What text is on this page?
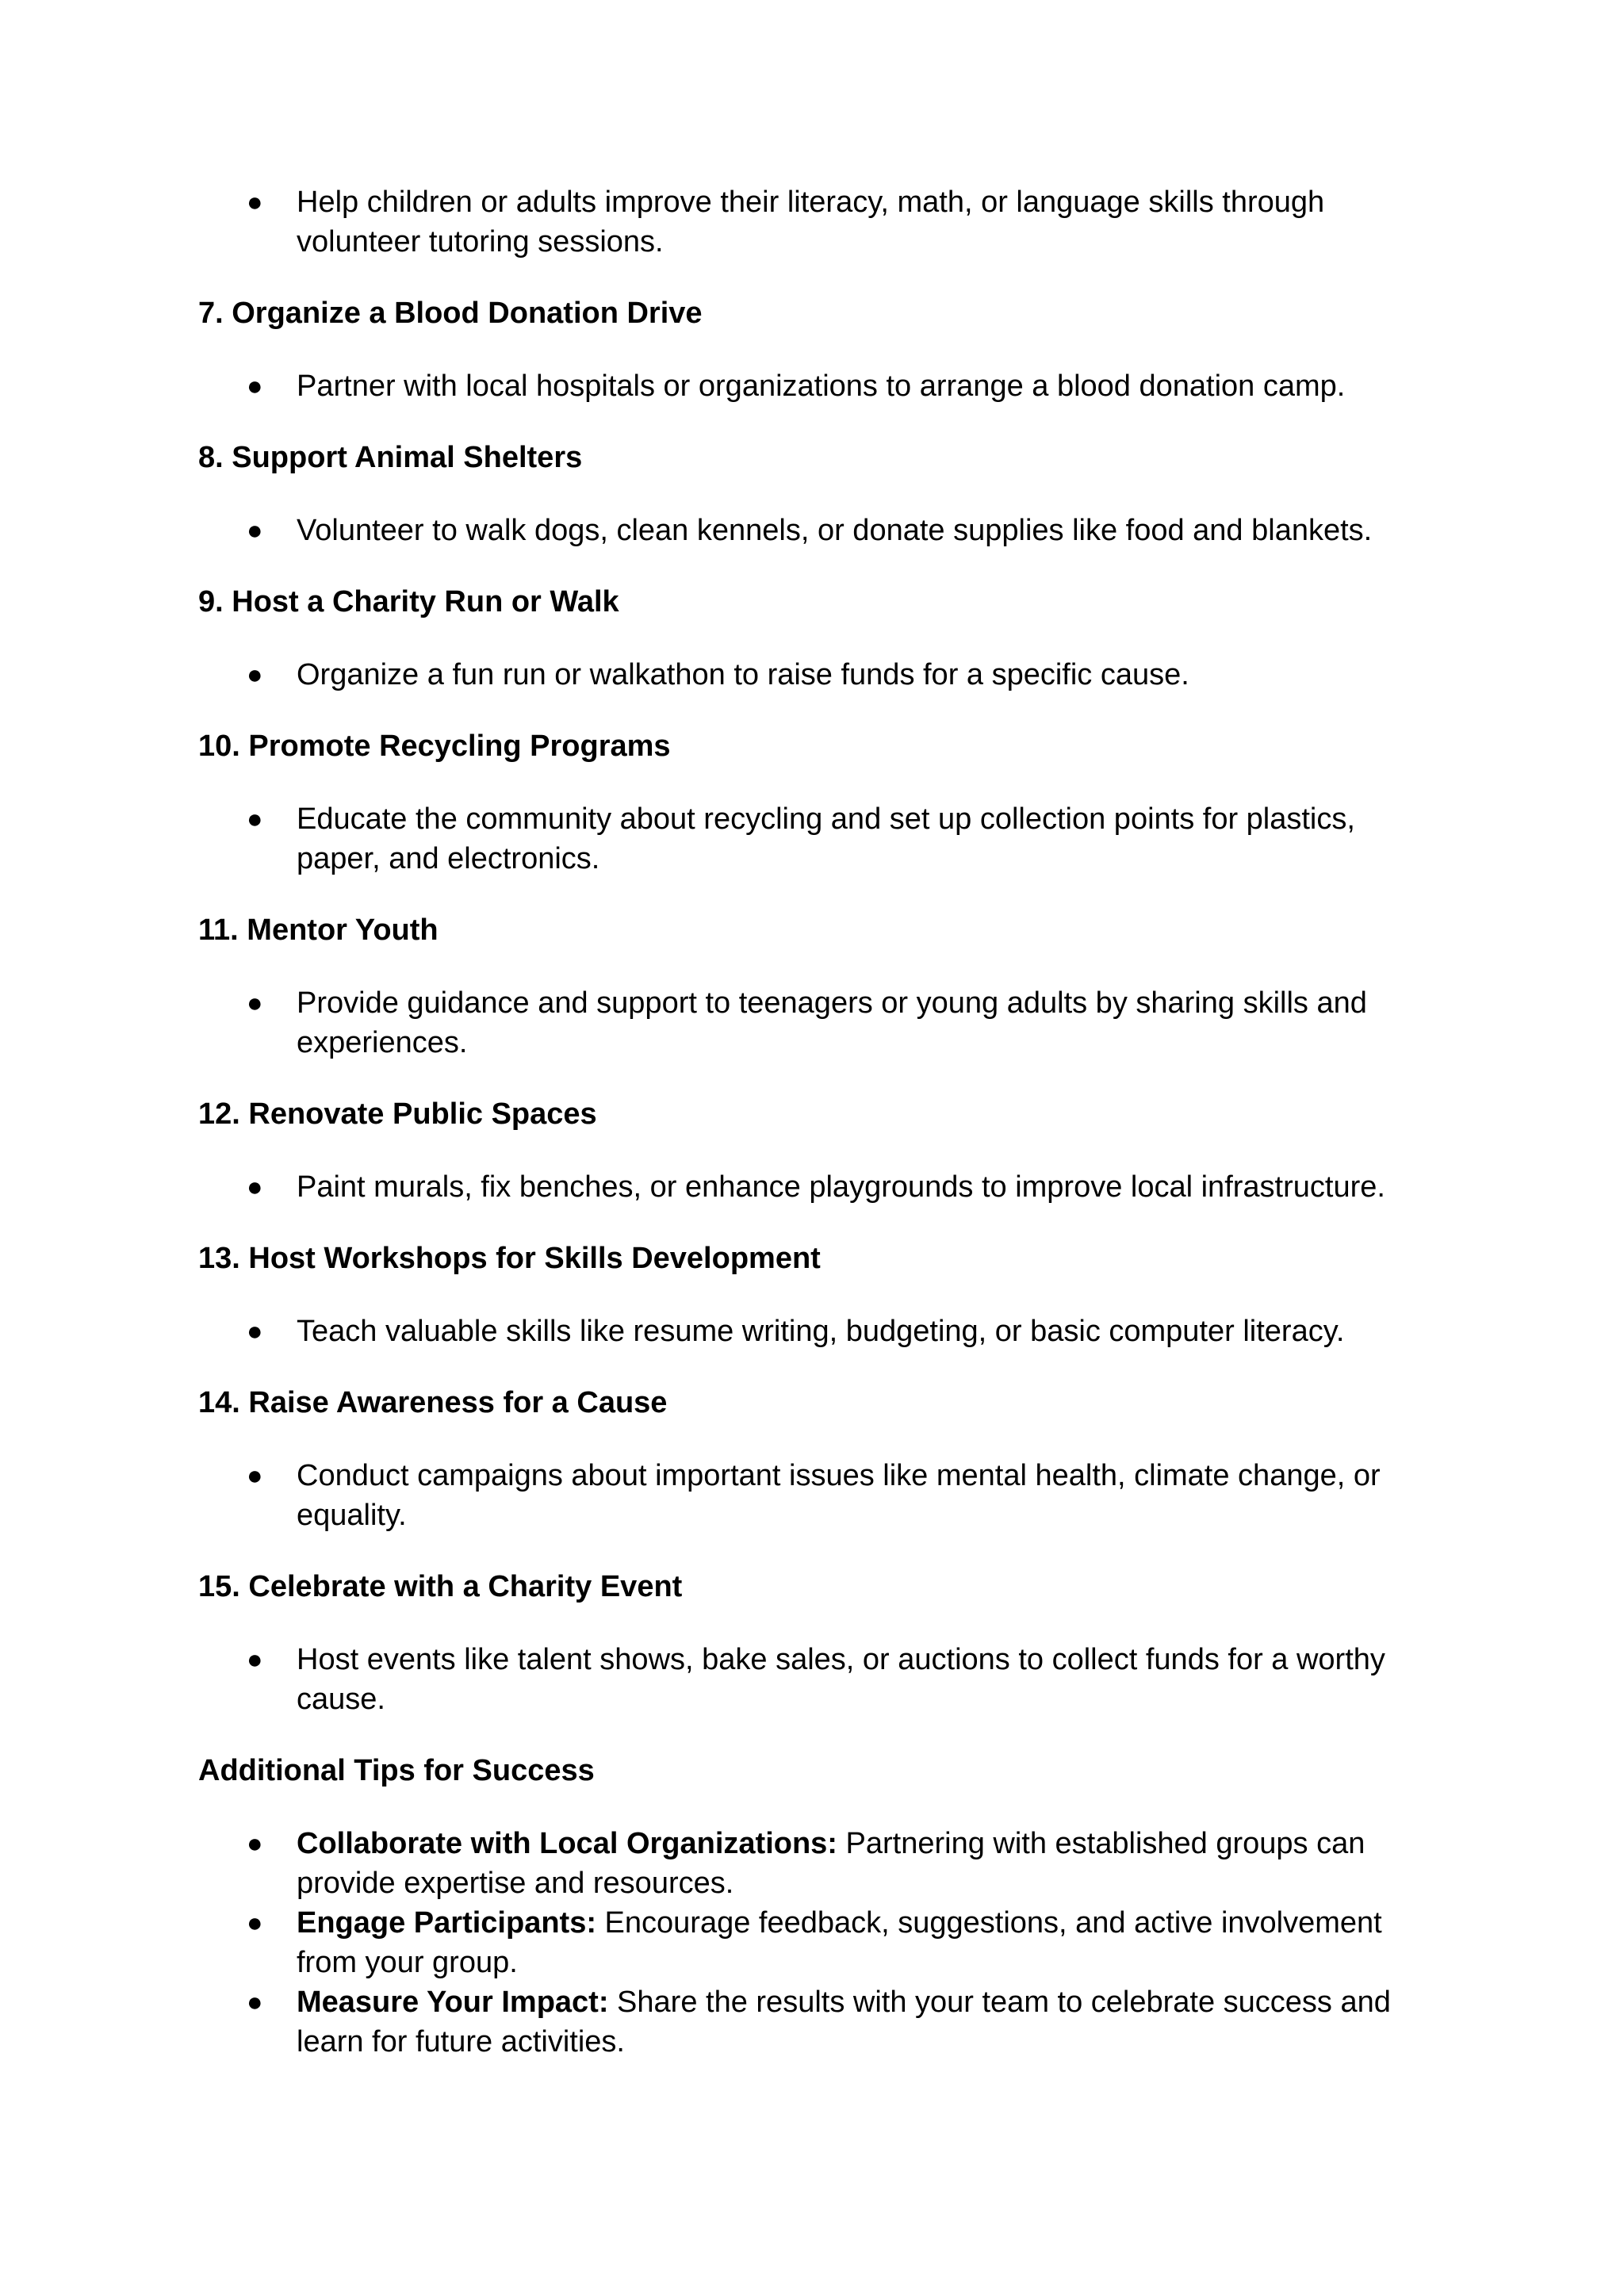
● Help children or adults improve their literacy, math, or language skills through volunteer tutoring sessions.
7. Organize a Blood Donation Drive
● Partner with local hospitals or organizations to arrange a blood donation camp.
8. Support Animal Shelters
● Volunteer to walk dogs, clean kennels, or donate supplies like food and blankets.
9. Host a Charity Run or Walk
● Organize a fun run or walkathon to raise funds for a specific cause.
10. Promote Recycling Programs
● Educate the community about recycling and set up collection points for plastics, paper, and electronics.
11. Mentor Youth
● Provide guidance and support to teenagers or young adults by sharing skills and experiences.
12. Renovate Public Spaces
● Paint murals, fix benches, or enhance playgrounds to improve local infrastructure.
13. Host Workshops for Skills Development
● Teach valuable skills like resume writing, budgeting, or basic computer literacy.
14. Raise Awareness for a Cause
● Conduct campaigns about important issues like mental health, climate change, or equality.
15. Celebrate with a Charity Event
● Host events like talent shows, bake sales, or auctions to collect funds for a worthy cause.
Additional Tips for Success
● Collaborate with Local Organizations: Partnering with established groups can provide expertise and resources.
● Engage Participants: Encourage feedback, suggestions, and active involvement from your group.
● Measure Your Impact: Share the results with your team to celebrate success and learn for future activities.
